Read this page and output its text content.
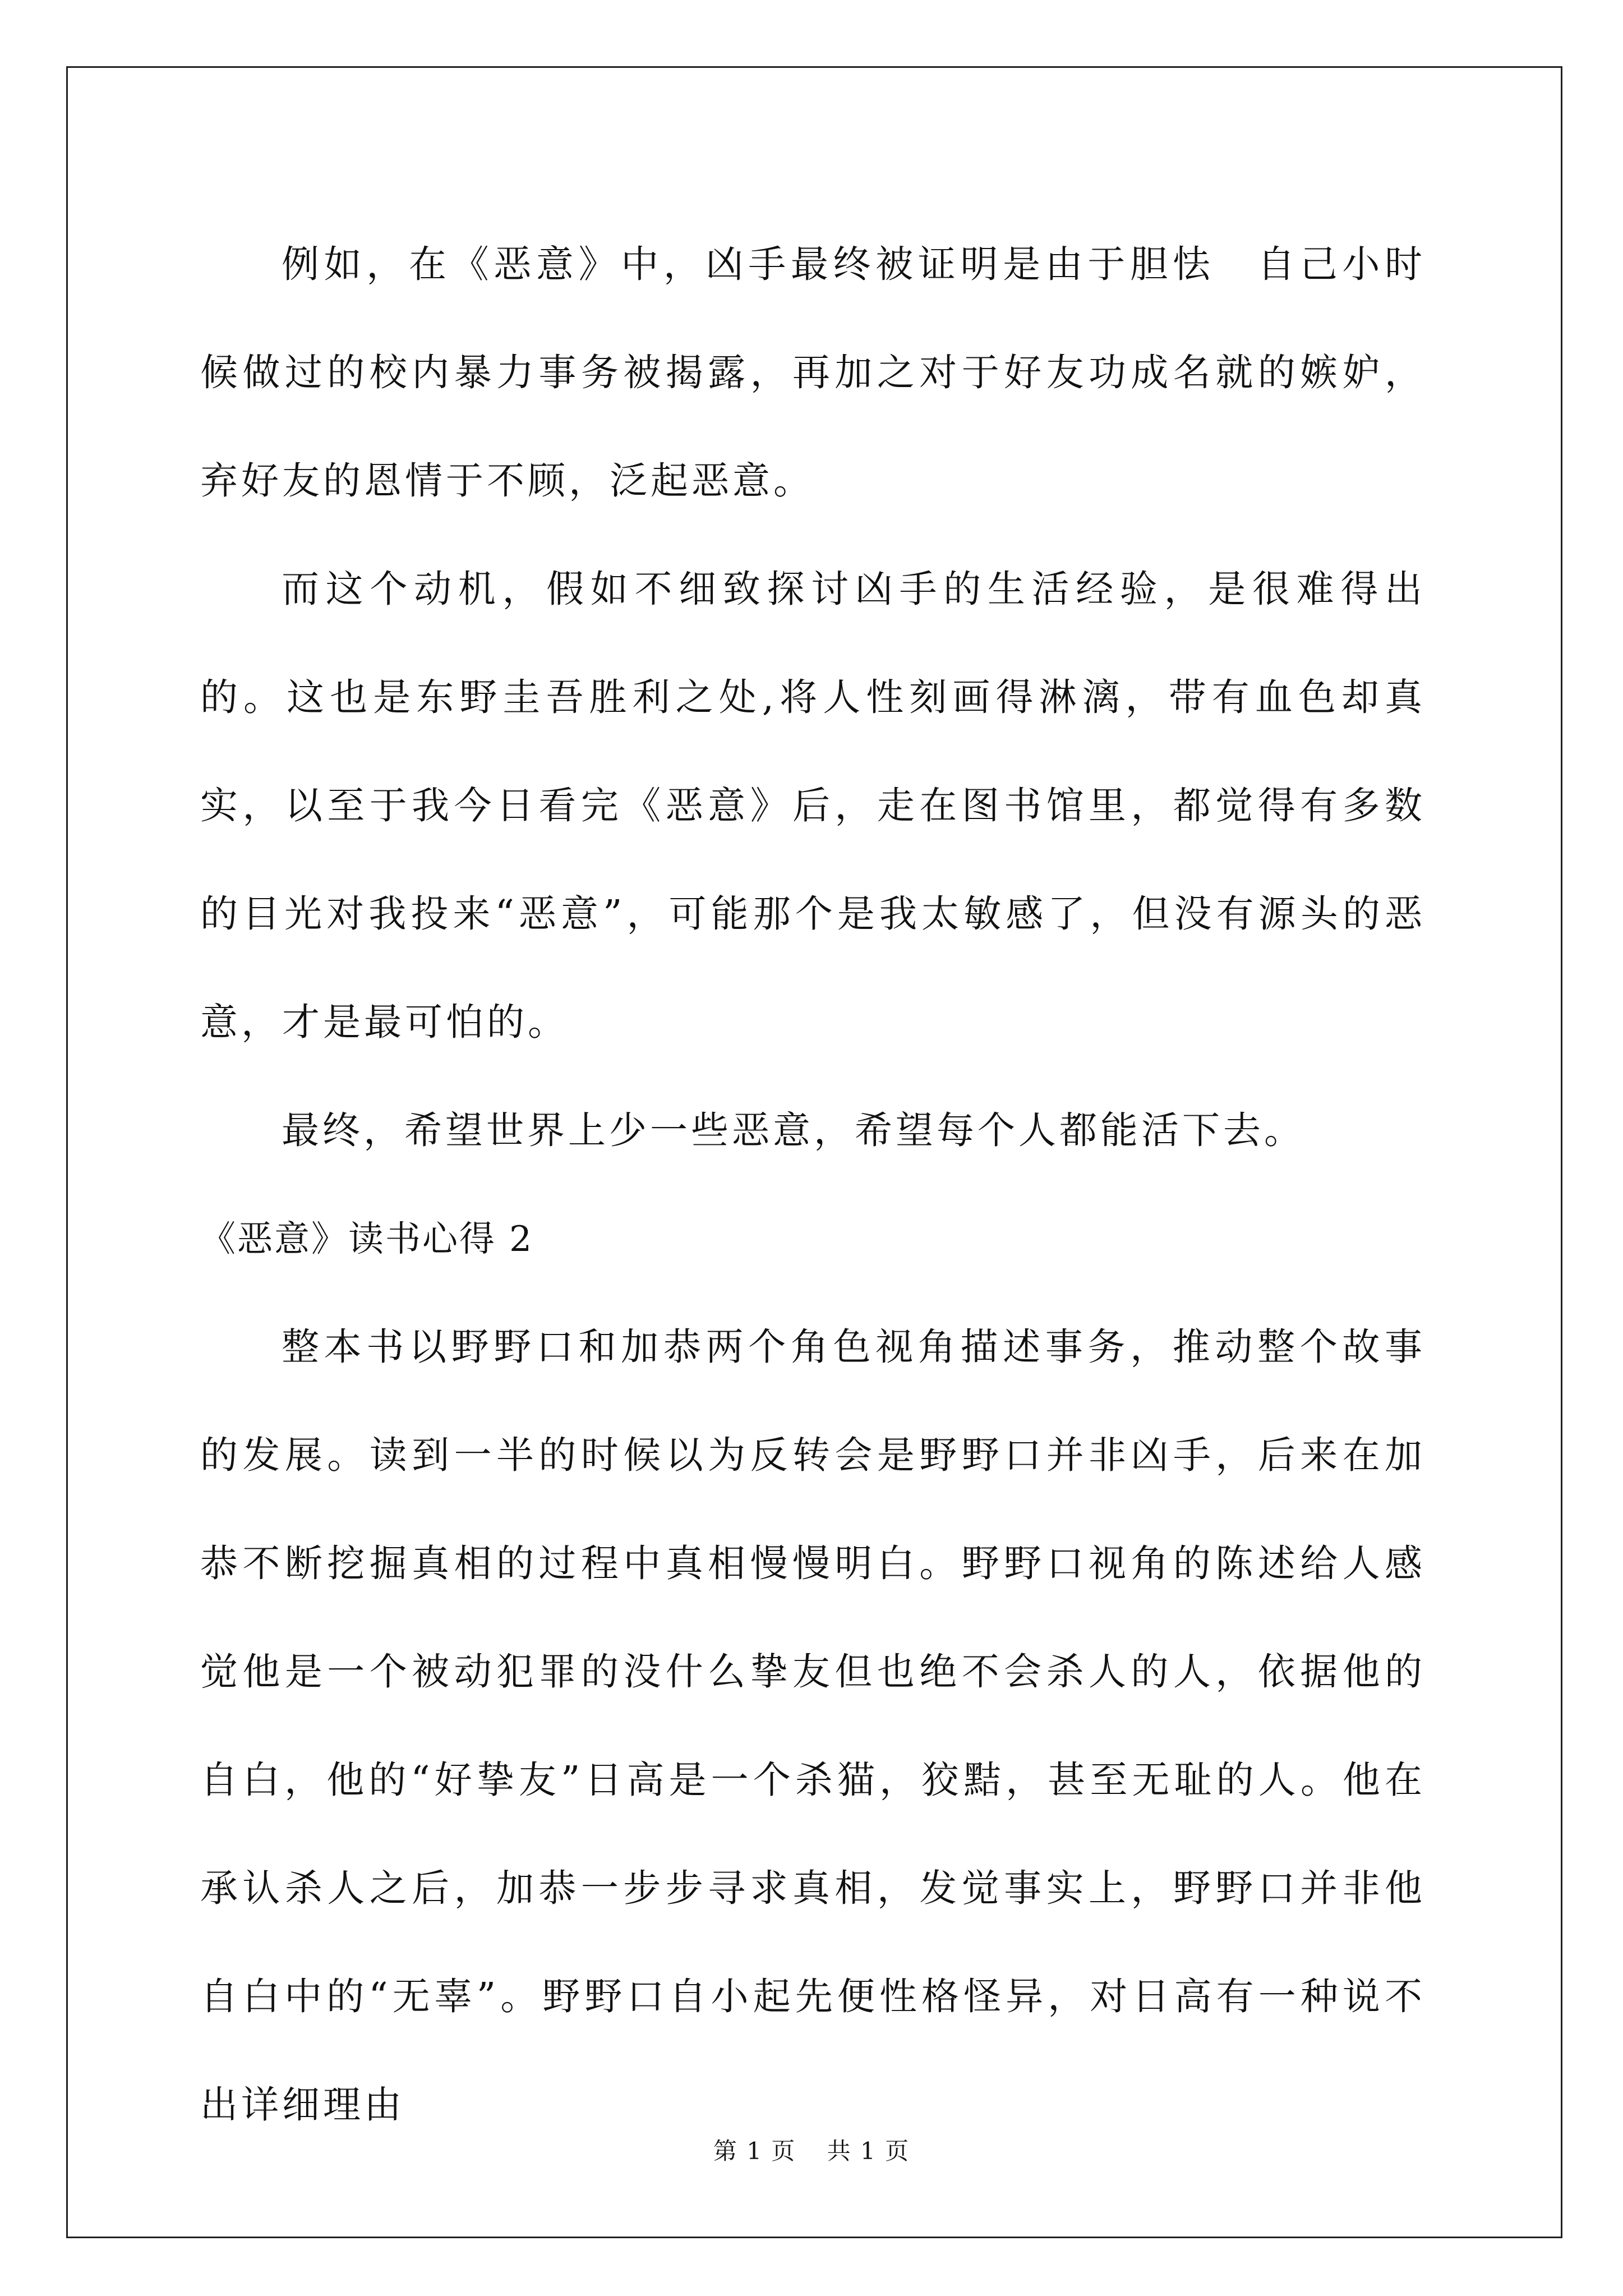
例如，在《恶意》中，凶手最终被证明是由于胆怯　自己小时候做过的校内暴力事务被揭露，再加之对于好友功成名就的嫉妒，弃好友的恩情于不顾，泛起恶意。

而这个动机，假如不细致探讨凶手的生活经验，是很难得出的。这也是东野圭吾胜利之处,将人性刻画得淋漓，带有血色却真实，以至于我今日看完《恶意》后，走在图书馆里，都觉得有多数的目光对我投来“恶意”，可能那个是我太敏感了，但没有源头的恶意，才是最可怕的。

最终，希望世界上少一些恶意，希望每个人都能活下去。

《恶意》读书心得 2

整本书以野野口和加恭两个角色视角描述事务，推动整个故事的发展。读到一半的时候以为反转会是野野口并非凶手，后来在加恭不断挖掘真相的过程中真相慢慢明白。野野口视角的陈述给人感觉他是一个被动犯罪的没什么挚友但也绝不会杀人的人，依据他的自白，他的“好挚友”日高是一个杀猫，狡黠，甚至无耻的人。他在承认杀人之后，加恭一步步寻求真相，发觉事实上，野野口并非他自白中的“无辜”。野野口自小起先便性格怪异，对日高有一种说不出详细理由

第 1 页 共 1 页
